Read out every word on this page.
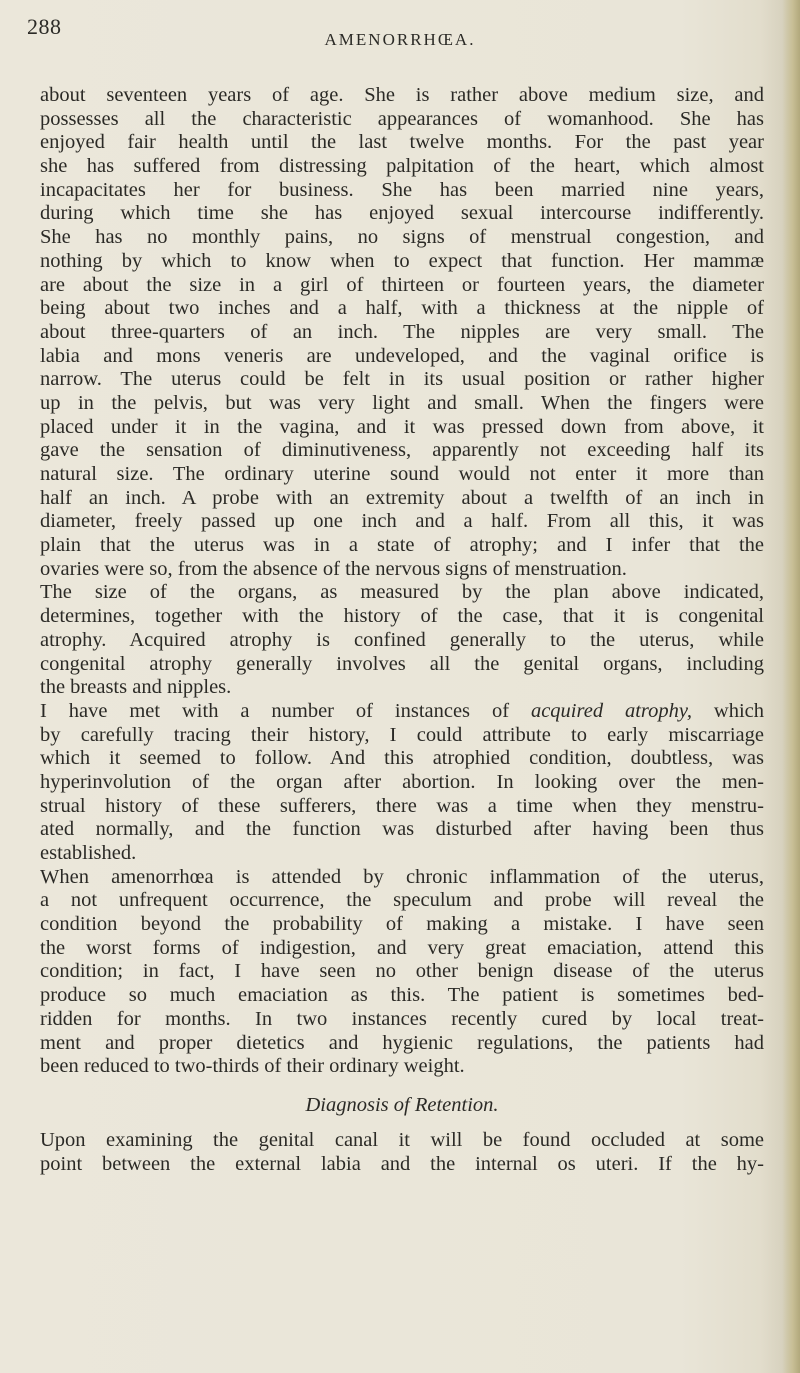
288
AMENORRHŒA.
about seventeen years of age. She is rather above medium size, and
possesses all the characteristic appearances of womanhood. She has
enjoyed fair health until the last twelve months. For the past year
she has suffered from distressing palpitation of the heart, which almost
incapacitates her for business. She has been married nine years,
during which time she has enjoyed sexual intercourse indifferently.
She has no monthly pains, no signs of menstrual congestion, and
nothing by which to know when to expect that function. Her mammæ
are about the size in a girl of thirteen or fourteen years, the diameter
being about two inches and a half, with a thickness at the nipple of
about three-quarters of an inch. The nipples are very small. The
labia and mons veneris are undeveloped, and the vaginal orifice is
narrow. The uterus could be felt in its usual position or rather higher
up in the pelvis, but was very light and small. When the fingers were
placed under it in the vagina, and it was pressed down from above, it
gave the sensation of diminutiveness, apparently not exceeding half its
natural size. The ordinary uterine sound would not enter it more than
half an inch. A probe with an extremity about a twelfth of an inch in
diameter, freely passed up one inch and a half. From all this, it was
plain that the uterus was in a state of atrophy; and I infer that the
ovaries were so, from the absence of the nervous signs of menstruation.
The size of the organs, as measured by the plan above indicated,
determines, together with the history of the case, that it is congenital
atrophy. Acquired atrophy is confined generally to the uterus, while
congenital atrophy generally involves all the genital organs, including
the breasts and nipples.
I have met with a number of instances of acquired atrophy, which
by carefully tracing their history, I could attribute to early miscarriage
which it seemed to follow. And this atrophied condition, doubtless, was
hyperinvolution of the organ after abortion. In looking over the men-
strual history of these sufferers, there was a time when they menstru-
ated normally, and the function was disturbed after having been thus
established.
When amenorrhœa is attended by chronic inflammation of the uterus,
a not unfrequent occurrence, the speculum and probe will reveal the
condition beyond the probability of making a mistake. I have seen
the worst forms of indigestion, and very great emaciation, attend this
condition; in fact, I have seen no other benign disease of the uterus
produce so much emaciation as this. The patient is sometimes bed-
ridden for months. In two instances recently cured by local treat-
ment and proper dietetics and hygienic regulations, the patients had
been reduced to two-thirds of their ordinary weight.
Diagnosis of Retention.
Upon examining the genital canal it will be found occluded at some
point between the external labia and the internal os uteri. If the hy-
